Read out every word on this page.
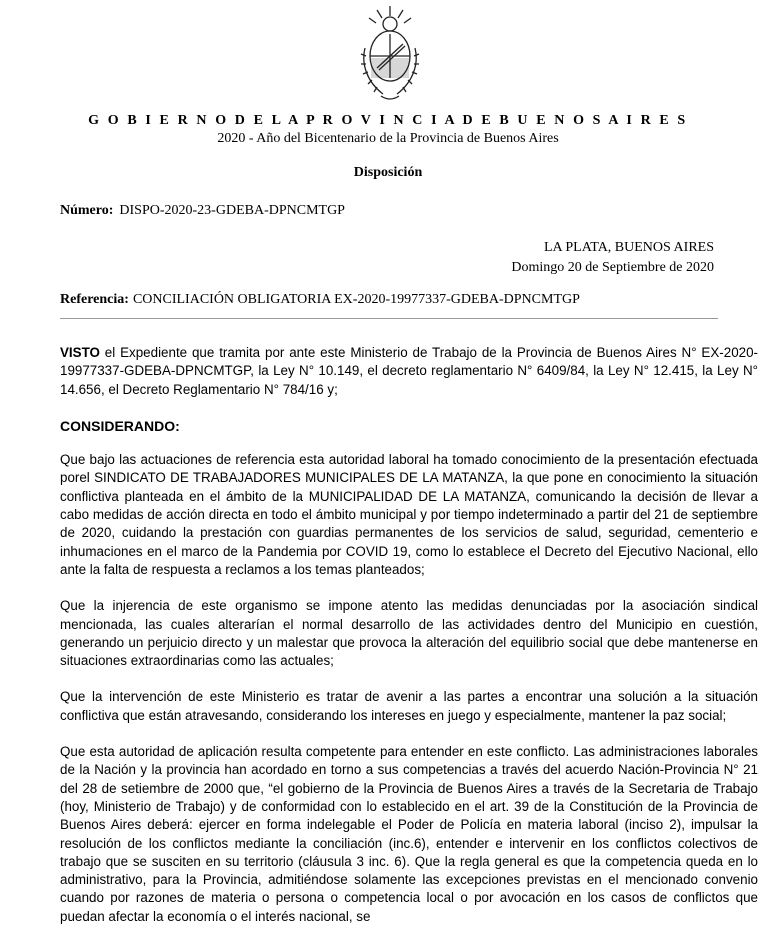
G O B I E R N O D E L A P R O V I N C I A D E B U E N O S A I R E S
2020 - Año del Bicentenario de la Provincia de Buenos Aires
Disposición
Número: DISPO-2020-23-GDEBA-DPNCMTGP
LA PLATA, BUENOS AIRES
Domingo 20 de Septiembre de 2020
Referencia: CONCILIACIÓN OBLIGATORIA EX-2020-19977337-GDEBA-DPNCMTGP

VISTO el Expediente que tramita por ante este Ministerio de Trabajo de la Provincia de Buenos Aires N° EX-2020-19977337-GDEBA-DPNCMTGP, la Ley N° 10.149, el decreto reglamentario N° 6409/84, la Ley N° 12.415, la Ley N° 14.656, el Decreto Reglamentario N° 784/16 y;

CONSIDERANDO:

Que bajo las actuaciones de referencia esta autoridad laboral ha tomado conocimiento de la presentación efectuada porel SINDICATO DE TRABAJADORES MUNICIPALES DE LA MATANZA, la que pone en conocimiento la situación conflictiva planteada en el ámbito de la MUNICIPALIDAD DE LA MATANZA, comunicando la decisión de llevar a cabo medidas de acción directa en todo el ámbito municipal y por tiempo indeterminado a partir del 21 de septiembre de 2020, cuidando la prestación con guardias permanentes de los servicios de salud, seguridad, cementerio e inhumaciones en el marco de la Pandemia por COVID 19, como lo establece el Decreto del Ejecutivo Nacional, ello ante la falta de respuesta a reclamos a los temas planteados;

Que la injerencia de este organismo se impone atento las medidas denunciadas por la asociación sindical mencionada, las cuales alterarían el normal desarrollo de las actividades dentro del Municipio en cuestión, generando un perjuicio directo y un malestar que provoca la alteración del equilibrio social que debe mantenerse en situaciones extraordinarias como las actuales;

Que la intervención de este Ministerio es tratar de avenir a las partes a encontrar una solución a la situación conflictiva que están atravesando, considerando los intereses en juego y especialmente, mantener la paz social;

Que esta autoridad de aplicación resulta competente para entender en este conflicto. Las administraciones laborales de la Nación y la provincia han acordado en torno a sus competencias a través del acuerdo Nación-Provincia N° 21 del 28 de setiembre de 2000 que, “el gobierno de la Provincia de Buenos Aires a través de la Secretaria de Trabajo (hoy, Ministerio de Trabajo) y de conformidad con lo establecido en el art. 39 de la Constitución de la Provincia de Buenos Aires deberá: ejercer en forma indelegable el Poder de Policía en materia laboral (inciso 2), impulsar la resolución de los conflictos mediante la conciliación (inc.6), entender e intervenir en los conflictos colectivos de trabajo que se susciten en su territorio (cláusula 3 inc. 6). Que la regla general es que la competencia queda en lo administrativo, para la Provincia, admitiéndose solamente las excepciones previstas en el mencionado convenio cuando por razones de materia o persona o competencia local o por avocación en los casos de conflictos que puedan afectar la economía o el interés nacional, se
